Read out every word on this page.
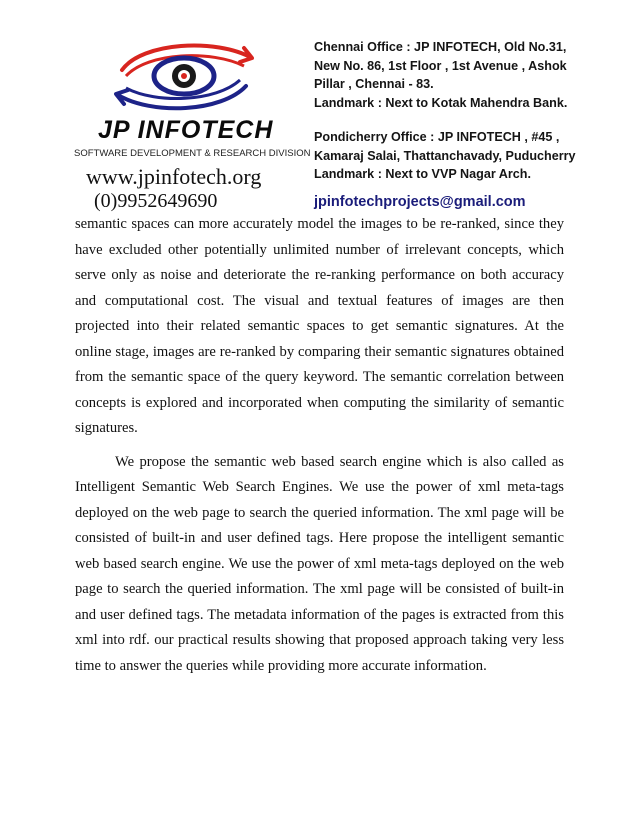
JP INFOTECH
SOFTWARE DEVELOPMENT & RESEARCH DIVISION
www.jpinfotech.org
(0)9952649690
Chennai Office : JP INFOTECH, Old No.31,
New No. 86, 1st Floor , 1st Avenue , Ashok
Pillar , Chennai - 83.
Landmark : Next to Kotak Mahendra Bank.
Pondicherry Office : JP INFOTECH , #45 ,
Kamaraj Salai, Thattanchavady, Puducherry
Landmark : Next to VVP Nagar Arch.
jpinfotechprojects@gmail.com

semantic spaces can more accurately model the images to be re-ranked, since they have excluded other potentially unlimited number of irrelevant concepts, which serve only as noise and deteriorate the re-ranking performance on both accuracy and computational cost. The visual and textual features of images are then projected into their related semantic spaces to get semantic signatures. At the online stage, images are re-ranked by comparing their semantic signatures obtained from the semantic space of the query keyword. The semantic correlation between concepts is explored and incorporated when computing the similarity of semantic signatures.

We propose the semantic web based search engine which is also called as Intelligent Semantic Web Search Engines. We use the power of xml meta-tags deployed on the web page to search the queried information. The xml page will be consisted of built-in and user defined tags. Here propose the intelligent semantic web based search engine. We use the power of xml meta-tags deployed on the web page to search the queried information. The xml page will be consisted of built-in and user defined tags. The metadata information of the pages is extracted from this xml into rdf. our practical results showing that proposed approach taking very less time to answer the queries while providing more accurate information.
